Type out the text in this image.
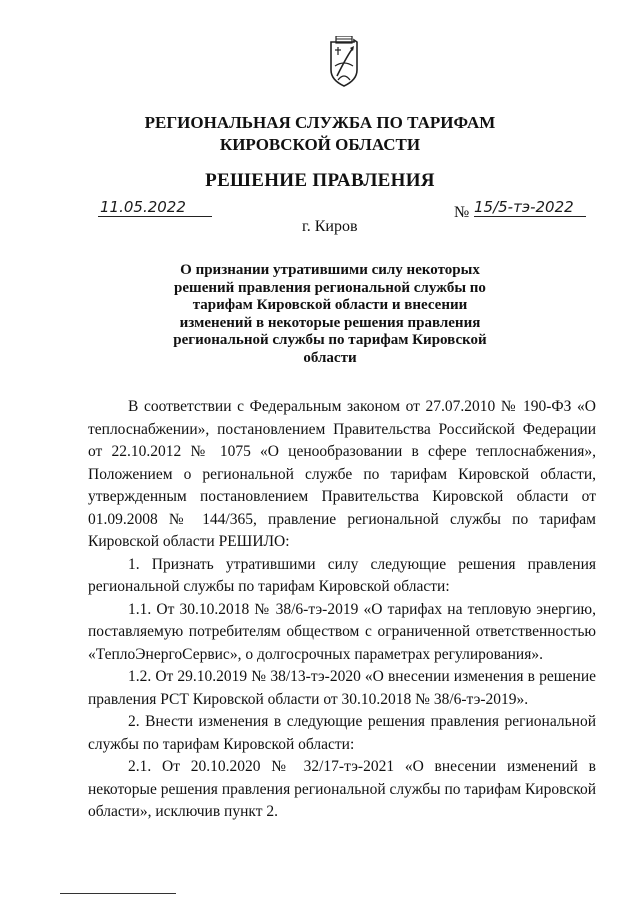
РЕГИОНАЛЬНАЯ СЛУЖБА ПО ТАРИФАМ
КИРОВСКОЙ ОБЛАСТИ
РЕШЕНИЕ ПРАВЛЕНИЯ
11.05.2022	№ 15/5-тэ-2022
г. Киров
О признании утратившими силу некоторых решений правления региональной службы по тарифам Кировской области и внесении изменений в некоторые решения правления региональной службы по тарифам Кировской области

В соответствии с Федеральным законом от 27.07.2010 № 190-ФЗ «О теплоснабжении», постановлением Правительства Российской Федерации от 22.10.2012 № 1075 «О ценообразовании в сфере теплоснабжения», Положением о региональной службе по тарифам Кировской области, утвержденным постановлением Правительства Кировской области от 01.09.2008 № 144/365, правление региональной службы по тарифам Кировской области РЕШИЛО:

1. Признать утратившими силу следующие решения правления региональной службы по тарифам Кировской области:

1.1. От 30.10.2018 № 38/6-тэ-2019 «О тарифах на тепловую энергию, поставляемую потребителям обществом с ограниченной ответственностью «ТеплоЭнергоСервис», о долгосрочных параметрах регулирования».

1.2. От 29.10.2019 № 38/13-тэ-2020 «О внесении изменения в решение правления РСТ Кировской области от 30.10.2018 № 38/6-тэ-2019».

2. Внести изменения в следующие решения правления региональной службы по тарифам Кировской области:

2.1. От 20.10.2020 № 32/17-тэ-2021 «О внесении изменений в некоторые решения правления региональной службы по тарифам Кировской области», исключив пункт 2.
